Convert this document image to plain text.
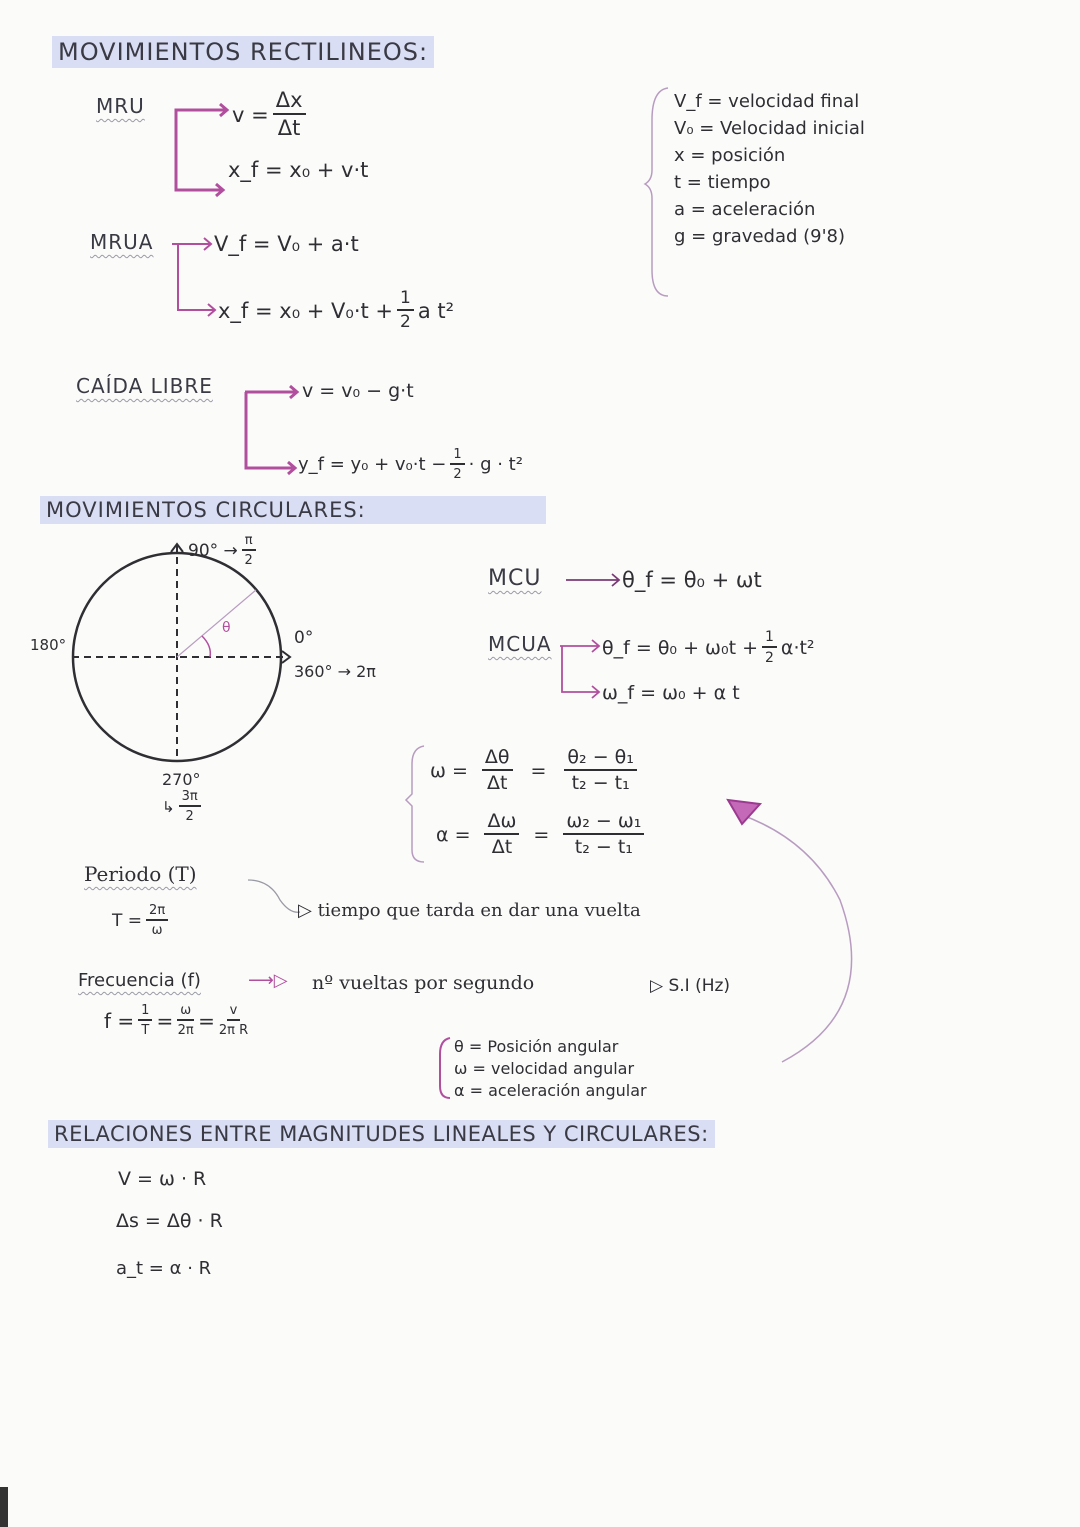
MOVIMIENTOS RECTILINEOS:
MRU	$v = \frac{\Delta x}{\Delta t}$
x_f = x₀ + v·t
MRUA	V_f = V₀ + a·t
x_f = $x_0 + V_0\cdot t + \frac{1}{2}$ a t²
V_f = velocidad final
V₀ = Velocidad inicial
x = posición
t = tiempo
a = aceleración
g = gravedad (9'8)
CAÍDA LIBRE	v = v₀ − g·t
y_f = $y_0 + v_0\cdot t - \frac{1}{2} \cdot g \cdot t^2$
MOVIMIENTOS CIRCULARES:
$90^\circ \to \frac{\pi}{2}$
180°	0°
360° → 2π
θ
270°
↳ $\frac{3\pi}{2}$
MCU	θ_f = θ₀ + ωt
MCUA	θ_f = $\theta_0 + \omega_0t + \frac{1}{2} \alpha\cdot t^2$
ω_f = ω₀ + α t
$\omega = \frac{\Delta\theta}{\Delta t} = \frac{\text{θ₂ − θ₁}}{\text{t₂ − t₁}}$
$\alpha = \frac{\Delta\omega}{\Delta t} = \frac{\text{ω₂ − ω₁}}{\text{t₂ − t₁}}$
Periodo (T)
$T = \frac{2\pi}{\omega}$	▷ tiempo que tarda en dar una vuelta
Frecuencia (f)	⟶▷ nº vueltas por segundo	▷ S.I (Hz)
$f = \frac{1}{T} = \frac{\omega}{2\pi} = \frac{v}{\text{2π R}}$
θ = Posición angular
ω = velocidad angular
α = aceleración angular
RELACIONES ENTRE MAGNITUDES LINEALES Y CIRCULARES:
V = ω · R
Δs = Δθ · R
a_t = α · R
